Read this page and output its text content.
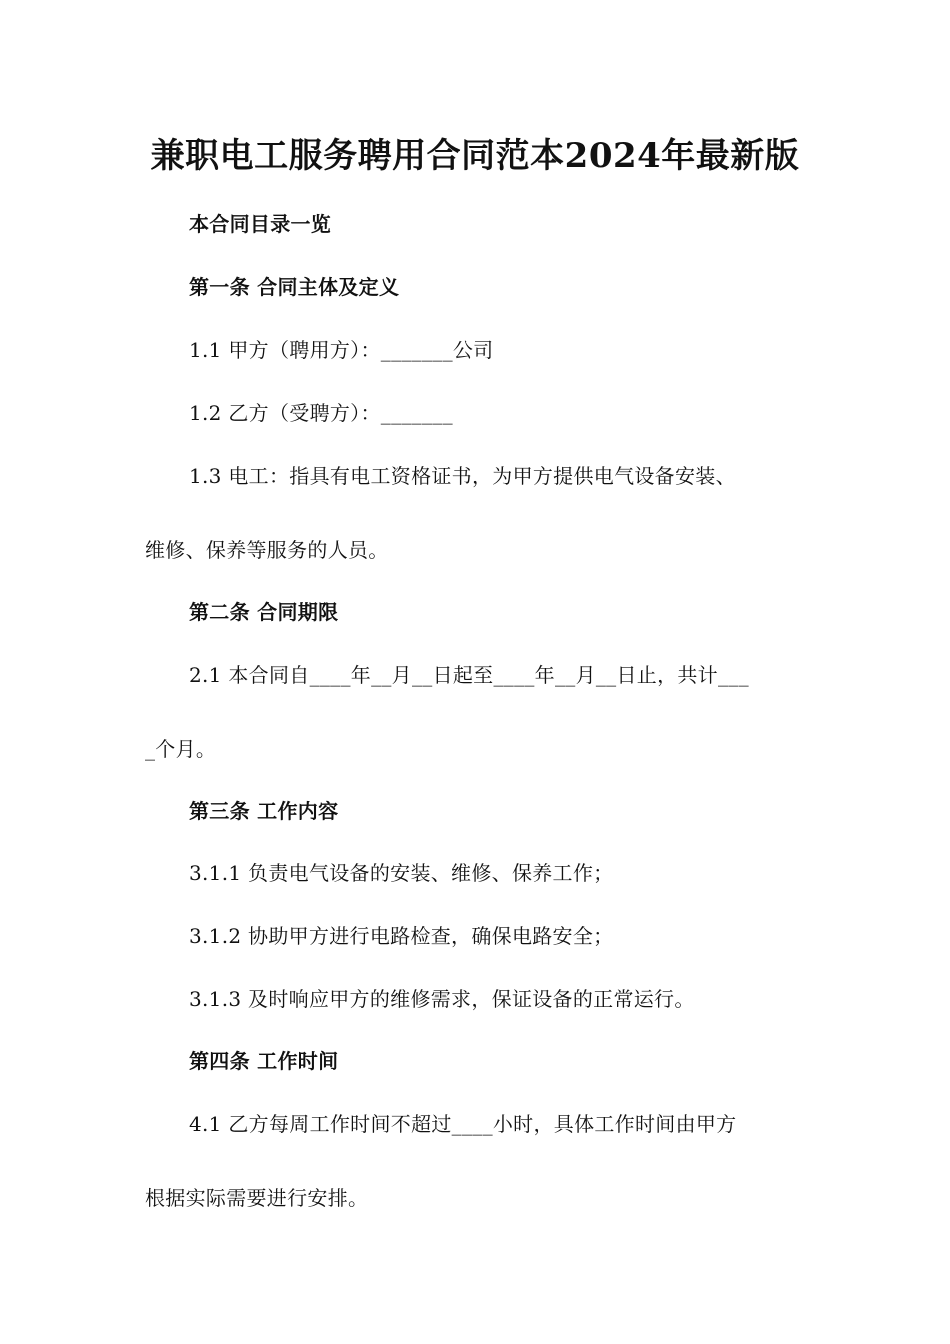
兼职电工服务聘用合同范本2024年最新版
本合同目录一览
第一条 合同主体及定义
1.1 甲方（聘用方）：_______公司
1.2 乙方（受聘方）：_______
1.3 电工：指具有电工资格证书，为甲方提供电气设备安装、
维修、保养等服务的人员。
第二条 合同期限
2.1 本合同自____年__月__日起至____年__月__日止，共计___
_个月。
第三条 工作内容
3.1.1 负责电气设备的安装、维修、保养工作；
3.1.2 协助甲方进行电路检查，确保电路安全；
3.1.3 及时响应甲方的维修需求，保证设备的正常运行。
第四条 工作时间
4.1 乙方每周工作时间不超过____小时，具体工作时间由甲方
根据实际需要进行安排。
